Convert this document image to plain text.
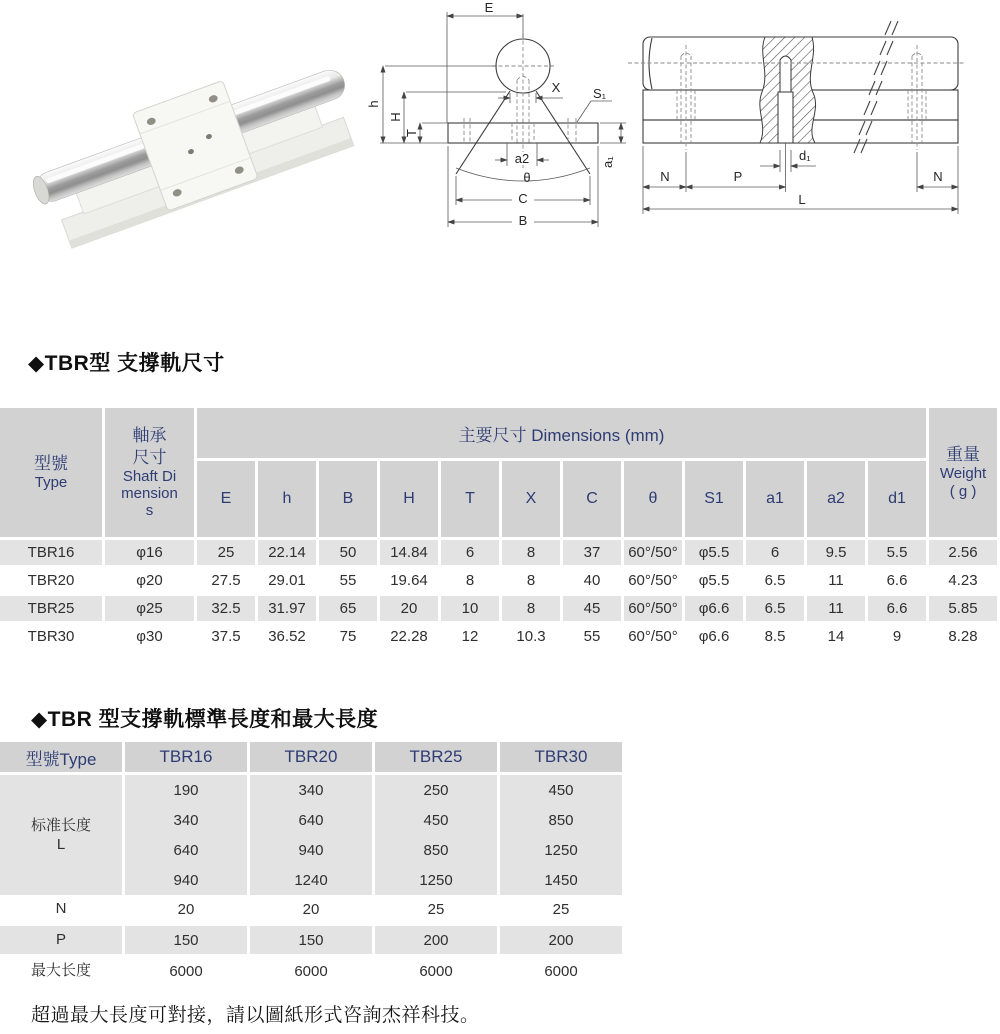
E
h
H
T
X	S₁
a2	a₁
θ
C
B
N	P
d₁
N
L
◆TBR型 支撐軌尺寸
型號
Type

軸承尺寸
Shaft Dimensions
	主要尺寸 Dimensions (mm)	
重量
Weight
( g )

		E	h	B	H	T	X	C	θ	S1	a1	a2	d1	
TBR16	φ16	25	22.14	50	14.84	6	8	37	60°/50°	φ5.5	6	9.5	5.5	2.56
TBR20	φ20	27.5	29.01	55	19.64	8	8	40	60°/50°	φ5.5	6.5	11	6.6	4.23
TBR25	φ25	32.5	31.97	65	20	10	8	45	60°/50°	φ6.6	6.5	11	6.6	5.85
TBR30	φ30	37.5	36.52	75	22.28	12	10.3	55	60°/50°	φ6.6	8.5	14	9	8.28
◆TBR 型支撐軌標準長度和最大長度
型號Type	TBR16	TBR20	TBR25	TBR30

标准长度
L	190	340	250	450
	340	640	450	850
	640	940	850	1250
	940	1240	1250	1450
N	20	20	25	25
P	150	150	200	200
最大长度	6000	6000	6000	6000
超過最大長度可對接，請以圖紙形式咨詢杰祥科技。
